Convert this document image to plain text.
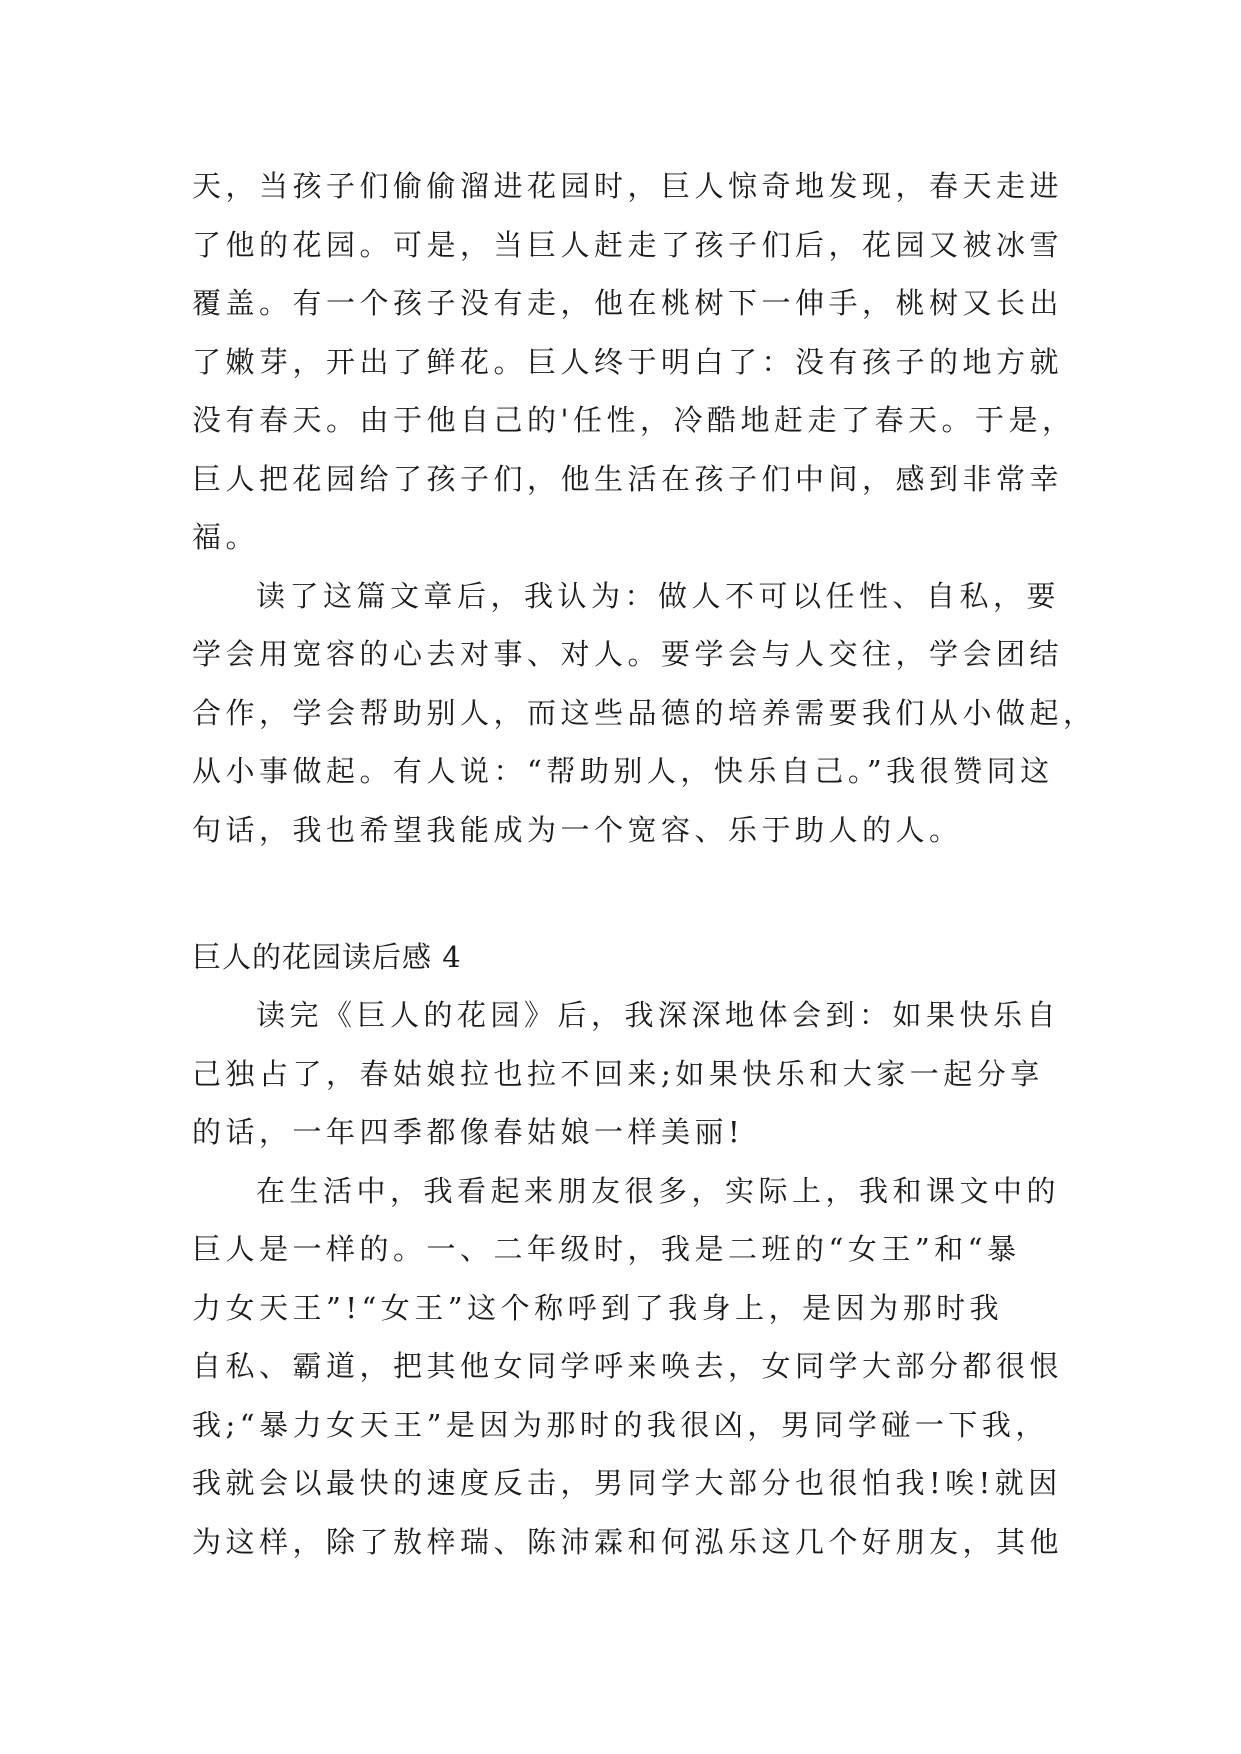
天，当孩子们偷偷溜进花园时，巨人惊奇地发现，春天走进
了他的花园。可是，当巨人赶走了孩子们后，花园又被冰雪
覆盖。有一个孩子没有走，他在桃树下一伸手，桃树又长出
了嫩芽，开出了鲜花。巨人终于明白了：没有孩子的地方就
没有春天。由于他自己的'任性，冷酷地赶走了春天。于是，
巨人把花园给了孩子们，他生活在孩子们中间，感到非常幸
福。
读了这篇文章后，我认为：做人不可以任性、自私，要
学会用宽容的心去对事、对人。要学会与人交往，学会团结
合作，学会帮助别人，而这些品德的培养需要我们从小做起，
从小事做起。有人说：“帮助别人，快乐自己。”我很赞同这
句话，我也希望我能成为一个宽容、乐于助人的人。
巨人的花园读后感 4
读完《巨人的花园》后，我深深地体会到：如果快乐自
己独占了，春姑娘拉也拉不回来;如果快乐和大家一起分享
的话，一年四季都像春姑娘一样美丽!
在生活中，我看起来朋友很多，实际上，我和课文中的
巨人是一样的。一、二年级时，我是二班的“女王”和“暴
力女天王”!“女王”这个称呼到了我身上，是因为那时我
自私、霸道，把其他女同学呼来唤去，女同学大部分都很恨
我;“暴力女天王”是因为那时的我很凶，男同学碰一下我，
我就会以最快的速度反击，男同学大部分也很怕我!唉!就因
为这样，除了敖梓瑞、陈沛霖和何泓乐这几个好朋友，其他
